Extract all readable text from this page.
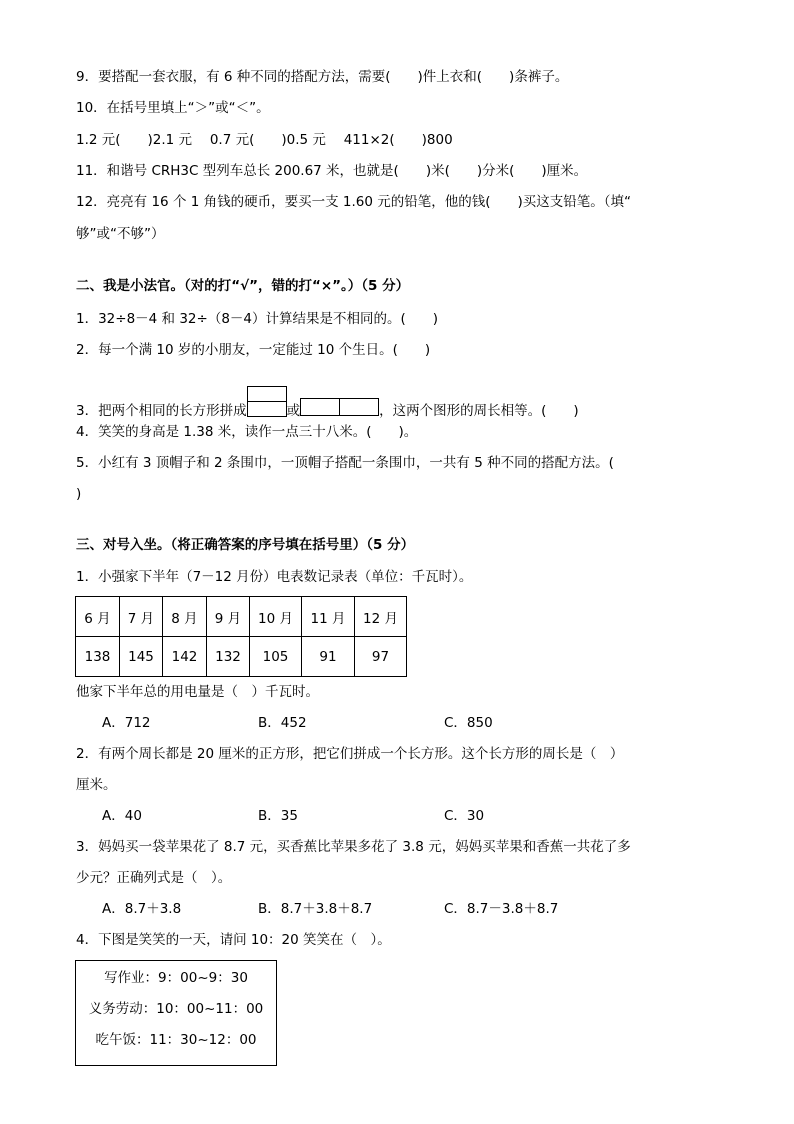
9．要搭配一套衣服，有 6 种不同的搭配方法，需要(　　)件上衣和(　　)条裤子。
10．在括号里填上“＞”或“＜”。
1.2 元(　　)2.1 元　 0.7 元(　　)0.5 元　 411×2(　　)800
11．和谐号 CRH3C 型列车总长 200.67 米，也就是(　　)米(　　)分米(　　)厘米。
12．亮亮有 16 个 1 角钱的硬币，要买一支 1.60 元的铅笔，他的钱(　　)买这支铅笔。（填“
够”或“不够”）
二、我是小法官。（对的打“√”，错的打“×”。）（5 分）
1．32÷8－4 和 32÷（8－4）计算结果是不相同的。(　　)
2．每一个满 10 岁的小朋友，一定能过 10 个生日。(　　)
3．把两个相同的长方形拼成	或	，这两个图形的周长相等。(　　)
4．笑笑的身高是 1.38 米，读作一点三十八米。(　　)。
5．小红有 3 顶帽子和 2 条围巾，一顶帽子搭配一条围巾，一共有 5 种不同的搭配方法。(
)
三、对号入坐。（将正确答案的序号填在括号里）（5 分）
1．小强家下半年（7－12 月份）电表数记录表（单位：千瓦时）。
6 月	7 月	8 月	9 月	10 月	11 月	12 月
138	145	142	132	105	91	97
他家下半年总的用电量是（　）千瓦时。
A．712	B．452	C．850
2．有两个周长都是 20 厘米的正方形，把它们拼成一个长方形。这个长方形的周长是（　）
厘米。
A．40	B．35	C．30
3．妈妈买一袋苹果花了 8.7 元，买香蕉比苹果多花了 3.8 元，妈妈买苹果和香蕉一共花了多
少元？正确列式是（　）。
A．8.7＋3.8	B．8.7＋3.8＋8.7	C．8.7－3.8＋8.7
4．下图是笑笑的一天，请问 10：20 笑笑在（　）。
写作业：9：00~9：30
义务劳动：10：00~11：00
吃午饭：11：30~12：00
